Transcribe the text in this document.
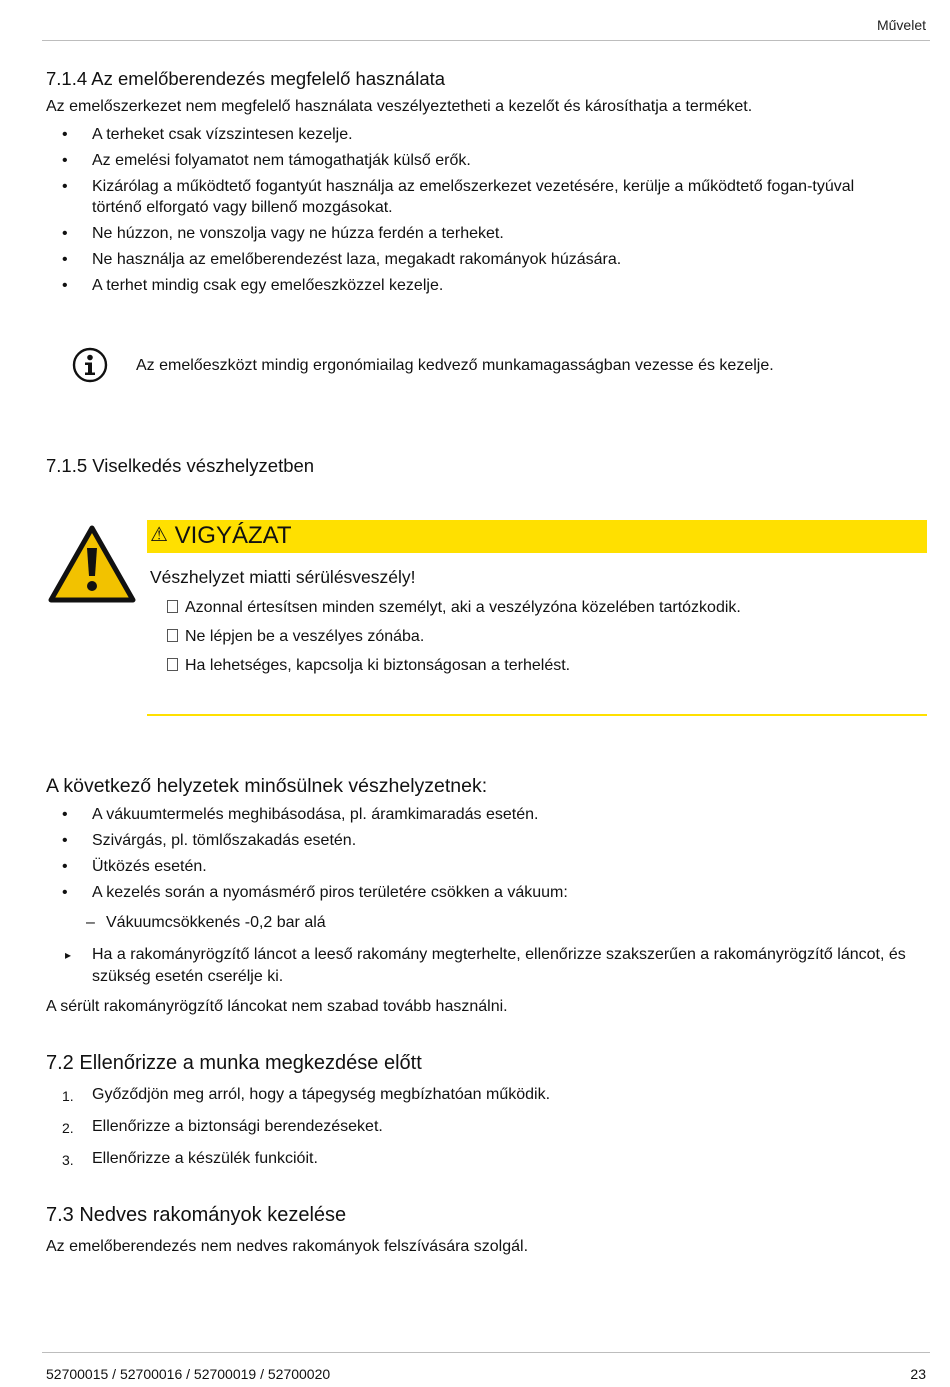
Művelet
7.1.4 Az emelőberendezés megfelelő használata
Az emelőszerkezet nem megfelelő használata veszélyeztetheti a kezelőt és károsíthatja a terméket.
•	A terheket csak vízszintesen kezelje.
•	Az emelési folyamatot nem támogathatják külső erők.
•	Kizárólag a működtető fogantyút használja az emelőszerkezet vezetésére, kerülje a működtető fogan-tyúval történő elforgató vagy billenő mozgásokat.
•	Ne húzzon, ne vonszolja vagy ne húzza ferdén a terheket.
•	Ne használja az emelőberendezést laza, megakadt rakományok húzására.
•	A terhet mindig csak egy emelőeszközzel kezelje.
Az emelőeszközt mindig ergonómiailag kedvező munkamagasságban vezesse és kezelje.
7.1.5 Viselkedés vészhelyzetben
⚠ VIGYÁZAT
Vészhelyzet miatti sérülésveszély!
Azonnal értesítsen minden személyt, aki a veszélyzóna közelében tartózkodik.
Ne lépjen be a veszélyes zónába.
Ha lehetséges, kapcsolja ki biztonságosan a terhelést.
A következő helyzetek minősülnek vészhelyzetnek:
•	A vákuumtermelés meghibásodása, pl. áramkimaradás esetén.
•	Szivárgás, pl. tömlőszakadás esetén.
•	Ütközés esetén.
•	A kezelés során a nyomásmérő piros területére csökken a vákuum:
– Vákuumcsökkenés -0,2 bar alá
▸	Ha a rakományrögzítő láncot a leeső rakomány megterhelte, ellenőrizze szakszerűen a rakományrögzítő láncot, és szükség esetén cserélje ki.
A sérült rakományrögzítő láncokat nem szabad tovább használni.
7.2 Ellenőrizze a munka megkezdése előtt
1. Győződjön meg arról, hogy a tápegység megbízhatóan működik.
2. Ellenőrizze a biztonsági berendezéseket.
3. Ellenőrizze a készülék funkcióit.
7.3 Nedves rakományok kezelése
Az emelőberendezés nem nedves rakományok felszívására szolgál.
52700015 / 52700016 / 52700019 / 52700020	23
